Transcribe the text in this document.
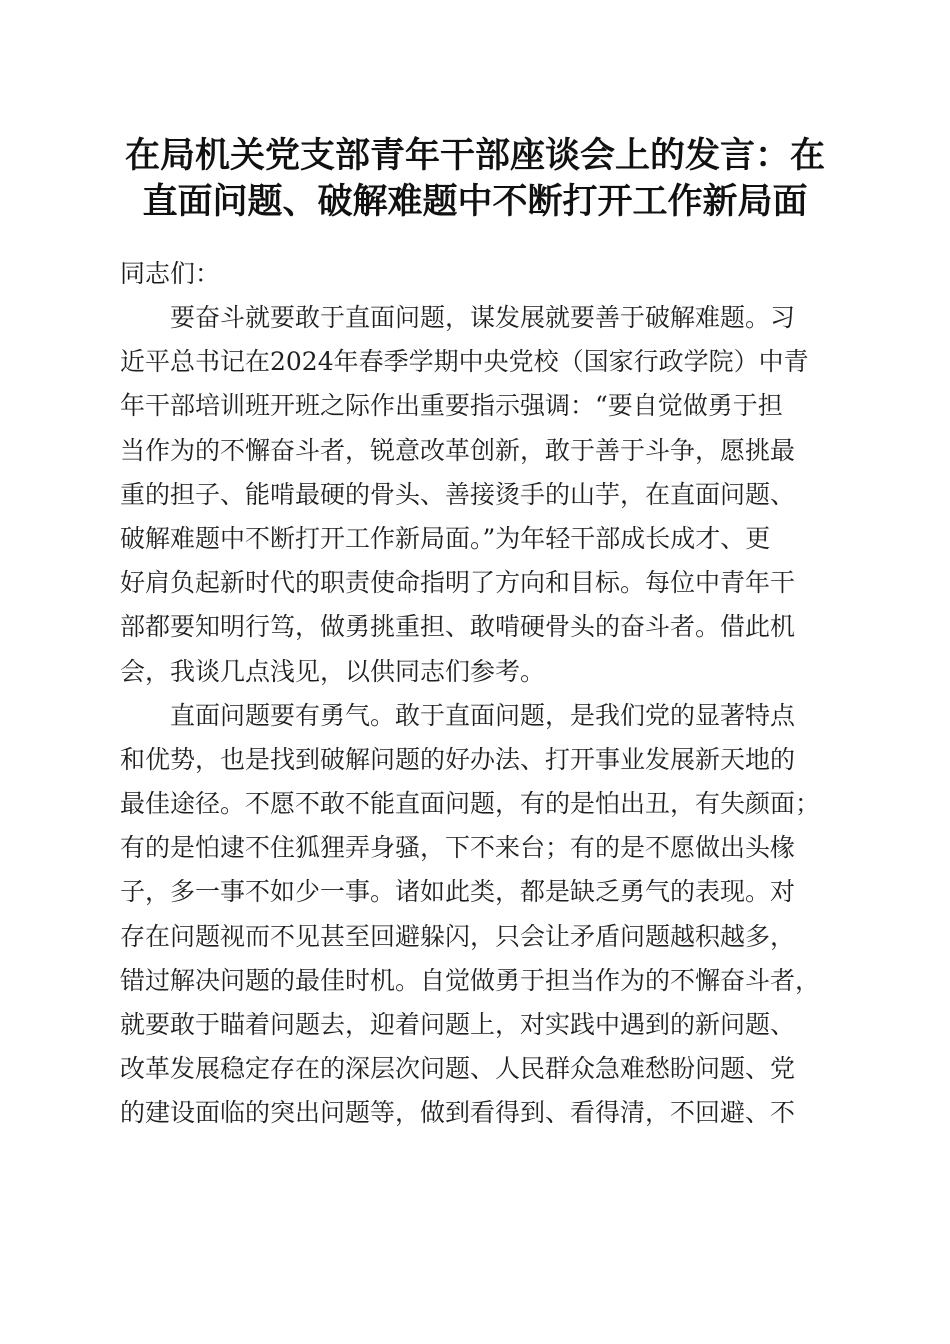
在局机关党支部青年干部座谈会上的发言：在
直面问题、破解难题中不断打开工作新局面
同志们：
　　要奋斗就要敢于直面问题，谋发展就要善于破解难题。习
近平总书记在2024年春季学期中央党校（国家行政学院）中青
年干部培训班开班之际作出重要指示强调：“要自觉做勇于担
当作为的不懈奋斗者，锐意改革创新，敢于善于斗争，愿挑最
重的担子、能啃最硬的骨头、善接烫手的山芋，在直面问题、
破解难题中不断打开工作新局面。”为年轻干部成长成才、更
好肩负起新时代的职责使命指明了方向和目标。每位中青年干
部都要知明行笃，做勇挑重担、敢啃硬骨头的奋斗者。借此机
会，我谈几点浅见，以供同志们参考。
　　直面问题要有勇气。敢于直面问题，是我们党的显著特点
和优势，也是找到破解问题的好办法、打开事业发展新天地的
最佳途径。不愿不敢不能直面问题，有的是怕出丑，有失颜面；
有的是怕逮不住狐狸弄身骚，下不来台；有的是不愿做出头椽
子，多一事不如少一事。诸如此类，都是缺乏勇气的表现。对
存在问题视而不见甚至回避躲闪，只会让矛盾问题越积越多，
错过解决问题的最佳时机。自觉做勇于担当作为的不懈奋斗者，
就要敢于瞄着问题去，迎着问题上，对实践中遇到的新问题、
改革发展稳定存在的深层次问题、人民群众急难愁盼问题、党
的建设面临的突出问题等，做到看得到、看得清，不回避、不
